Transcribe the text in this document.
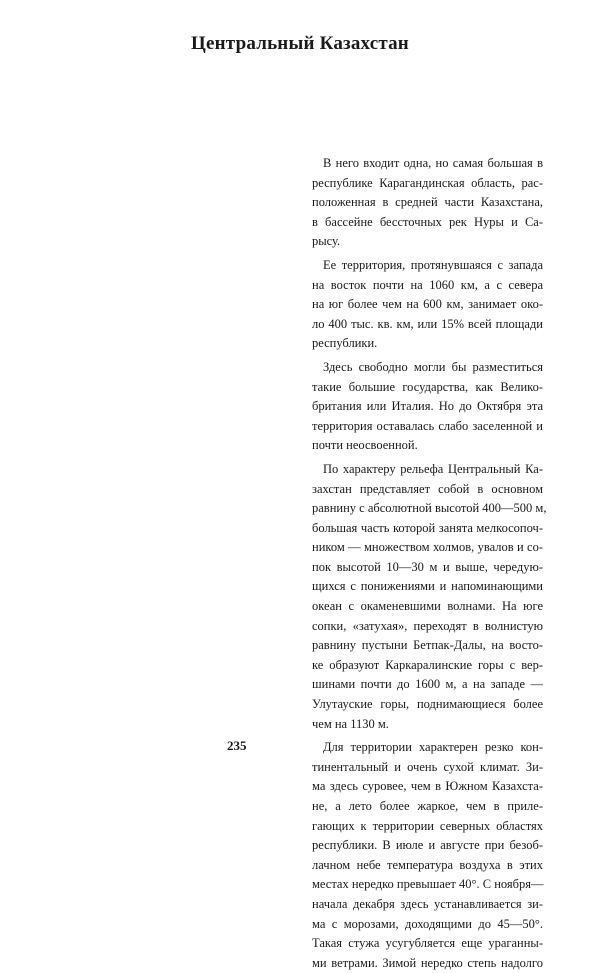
Центральный Казахстан
В него входит одна, но самая большая в
республике Карагандинская область, рас-
положенная в средней части Казахстана,
в бассейне бессточных рек Нуры и Са-
рысу.
Ее территория, протянувшаяся с запада
на восток почти на 1060 км, а с севера
на юг более чем на 600 км, занимает око-
ло 400 тыс. кв. км, или 15% всей площади
республики.
Здесь свободно могли бы разместиться
такие большие государства, как Велико-
британия или Италия. Но до Октября эта
территория оставалась слабо заселенной и
почти неосвоенной.
По характеру рельефа Центральный Ка-
захстан представляет собой в основном
равнину с абсолютной высотой 400—500 м,
большая часть которой занята мелкосопоч-
ником — множеством холмов, увалов и со-
пок высотой 10—30 м и выше, чередую-
щихся с понижениями и напоминающими
океан с окаменевшими волнами. На юге
сопки, «затухая», переходят в волнистую
равнину пустыни Бетпак-Далы, на восто-
ке образуют Каркаралинские горы с вер-
шинами почти до 1600 м, а на западе —
Улутауские горы, поднимающиеся более
чем на 1130 м.
Для территории характерен резко кон-
тинентальный и очень сухой климат. Зи-
ма здесь суровее, чем в Южном Казахста-
не, а лето более жаркое, чем в приле-
гающих к территории северных областях
республики. В июле и августе при безоб-
лачном небе температура воздуха в этих
местах нередко превышает 40°. С ноября—
начала декабря здесь устанавливается зи-
ма с морозами, доходящими до 45—50°.
Такая стужа усугубляется еще ураганны-
ми ветрами. Зимой нередко степь надолго
235
